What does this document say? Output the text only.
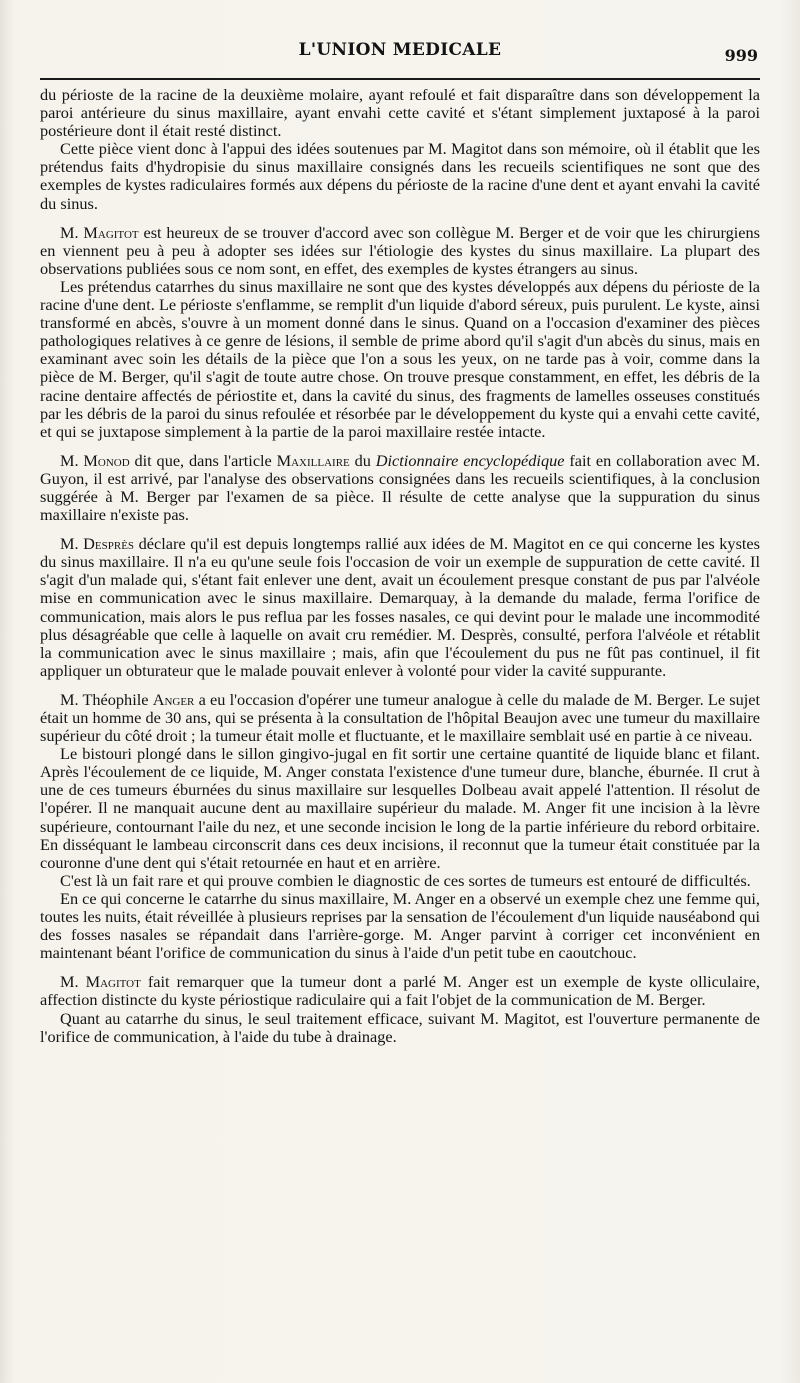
L'UNION MEDICALE	999

du périoste de la racine de la deuxième molaire, ayant refoulé et fait disparaître dans son développement la paroi antérieure du sinus maxillaire, ayant envahi cette cavité et s'étant simplement juxtaposé à la paroi postérieure dont il était resté distinct.

Cette pièce vient donc à l'appui des idées soutenues par M. Magitot dans son mémoire, où il établit que les prétendus faits d'hydropisie du sinus maxillaire consignés dans les recueils scientifiques ne sont que des exemples de kystes radiculaires formés aux dépens du périoste de la racine d'une dent et ayant envahi la cavité du sinus.

M. Magitot est heureux de se trouver d'accord avec son collègue M. Berger et de voir que les chirurgiens en viennent peu à peu à adopter ses idées sur l'étiologie des kystes du sinus maxillaire. La plupart des observations publiées sous ce nom sont, en effet, des exemples de kystes étrangers au sinus.

Les prétendus catarrhes du sinus maxillaire ne sont que des kystes développés aux dépens du périoste de la racine d'une dent. Le périoste s'enflamme, se remplit d'un liquide d'abord séreux, puis purulent. Le kyste, ainsi transformé en abcès, s'ouvre à un moment donné dans le sinus. Quand on a l'occasion d'examiner des pièces pathologiques relatives à ce genre de lésions, il semble de prime abord qu'il s'agit d'un abcès du sinus, mais en examinant avec soin les détails de la pièce que l'on a sous les yeux, on ne tarde pas à voir, comme dans la pièce de M. Berger, qu'il s'agit de toute autre chose. On trouve presque constamment, en effet, les débris de la racine dentaire affectés de périostite et, dans la cavité du sinus, des fragments de lamelles osseuses constitués par les débris de la paroi du sinus refoulée et résorbée par le développement du kyste qui a envahi cette cavité, et qui se juxtapose simplement à la partie de la paroi maxillaire restée intacte.

M. Monod dit que, dans l'article Maxillaire du Dictionnaire encyclopédique fait en collaboration avec M. Guyon, il est arrivé, par l'analyse des observations consignées dans les recueils scientifiques, à la conclusion suggérée à M. Berger par l'examen de sa pièce. Il résulte de cette analyse que la suppuration du sinus maxillaire n'existe pas.

M. Desprès déclare qu'il est depuis longtemps rallié aux idées de M. Magitot en ce qui concerne les kystes du sinus maxillaire. Il n'a eu qu'une seule fois l'occasion de voir un exemple de suppuration de cette cavité. Il s'agit d'un malade qui, s'étant fait enlever une dent, avait un écoulement presque constant de pus par l'alvéole mise en communication avec le sinus maxillaire. Demarquay, à la demande du malade, ferma l'orifice de communication, mais alors le pus reflua par les fosses nasales, ce qui devint pour le malade une incommodité plus désagréable que celle à laquelle on avait cru remédier. M. Desprès, consulté, perfora l'alvéole et rétablit la communication avec le sinus maxillaire ; mais, afin que l'écoulement du pus ne fût pas continuel, il fit appliquer un obturateur que le malade pouvait enlever à volonté pour vider la cavité suppurante.

M. Théophile Anger a eu l'occasion d'opérer une tumeur analogue à celle du malade de M. Berger. Le sujet était un homme de 30 ans, qui se présenta à la consultation de l'hôpital Beaujon avec une tumeur du maxillaire supérieur du côté droit ; la tumeur était molle et fluctuante, et le maxillaire semblait usé en partie à ce niveau.

Le bistouri plongé dans le sillon gingivo-jugal en fit sortir une certaine quantité de liquide blanc et filant. Après l'écoulement de ce liquide, M. Anger constata l'existence d'une tumeur dure, blanche, éburnée. Il crut à une de ces tumeurs éburnées du sinus maxillaire sur lesquelles Dolbeau avait appelé l'attention. Il résolut de l'opérer. Il ne manquait aucune dent au maxillaire supérieur du malade. M. Anger fit une incision à la lèvre supérieure, contournant l'aile du nez, et une seconde incision le long de la partie inférieure du rebord orbitaire. En disséquant le lambeau circonscrit dans ces deux incisions, il reconnut que la tumeur était constituée par la couronne d'une dent qui s'était retournée en haut et en arrière.

C'est là un fait rare et qui prouve combien le diagnostic de ces sortes de tumeurs est entouré de difficultés.

En ce qui concerne le catarrhe du sinus maxillaire, M. Anger en a observé un exemple chez une femme qui, toutes les nuits, était réveillée à plusieurs reprises par la sensation de l'écoulement d'un liquide nauséabond qui des fosses nasales se répandait dans l'arrière-gorge. M. Anger parvint à corriger cet inconvénient en maintenant béant l'orifice de communication du sinus à l'aide d'un petit tube en caoutchouc.

M. Magitot fait remarquer que la tumeur dont a parlé M. Anger est un exemple de kyste olliculaire, affection distincte du kyste périostique radiculaire qui a fait l'objet de la communication de M. Berger.

Quant au catarrhe du sinus, le seul traitement efficace, suivant M. Magitot, est l'ouverture permanente de l'orifice de communication, à l'aide du tube à drainage.
